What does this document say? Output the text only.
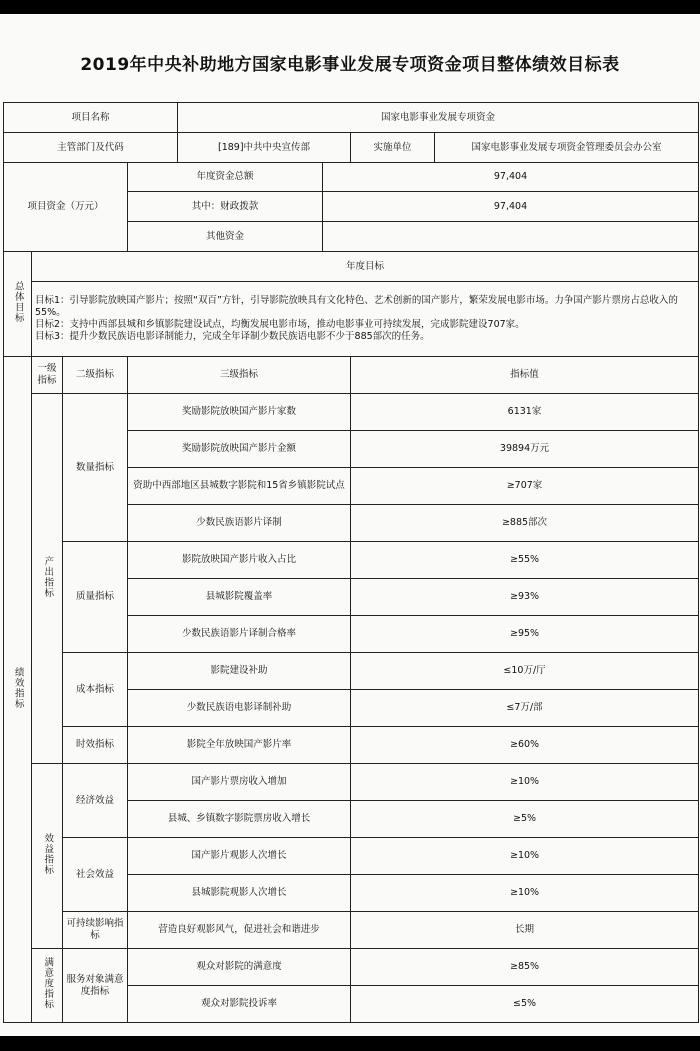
2019年中央补助地方国家电影事业发展专项资金项目整体绩效目标表
项目名称				国家电影事业发展专项资金			
主管部门及代码				[189]中共中央宣传部		实施单位	国家电影事业发展专项资金管理委员会办公室
项目资金（万元）			年度资金总额		97,404		
			其中：财政拨款		97,404		
			其他资金				
总体目标	年度目标						

	目标1：引导影院放映国产影片；按照“双百”方针，引导影院放映具有文化特色、艺术创新的国产影片，繁荣发展电影市场。力争国产影片票房占总收入的55%。
目标2：支持中西部县城和乡镇影院建设试点，均衡发展电影市场，推动电影事业可持续发展，完成影院建设707家。
目标3：提升少数民族语电影译制能力，完成全年译制少数民族语电影不少于885部次的任务。						

绩效指标	一级指标	二级指标	三级指标			指标值	
	产出指标	数量指标	奖励影院放映国产影片家数			6131家	
			奖励影院放映国产影片金额			39894万元	
			资助中西部地区县城数字影院和15省乡镇影院试点			≥707家	
			少数民族语影片译制			≥885部次	
		质量指标	影院放映国产影片收入占比			≥55%	
			县城影院覆盖率			≥93%	
			少数民族语影片译制合格率			≥95%	
		成本指标	影院建设补助			≤10万/厅	
			少数民族语电影译制补助			≤7万/部	
		时效指标	影院全年放映国产影片率			≥60%	
	效益指标	经济效益	国产影片票房收入增加			≥10%	
			县城、乡镇数字影院票房收入增长			≥5%	
		社会效益	国产影片观影人次增长			≥10%	
			县城影院观影人次增长			≥10%	
		可持续影响指标	营造良好观影风气，促进社会和谐进步			长期	
	满意度指标	服务对象满意度指标	观众对影院的满意度			≥85%	
			观众对影院投诉率			≤5%	
